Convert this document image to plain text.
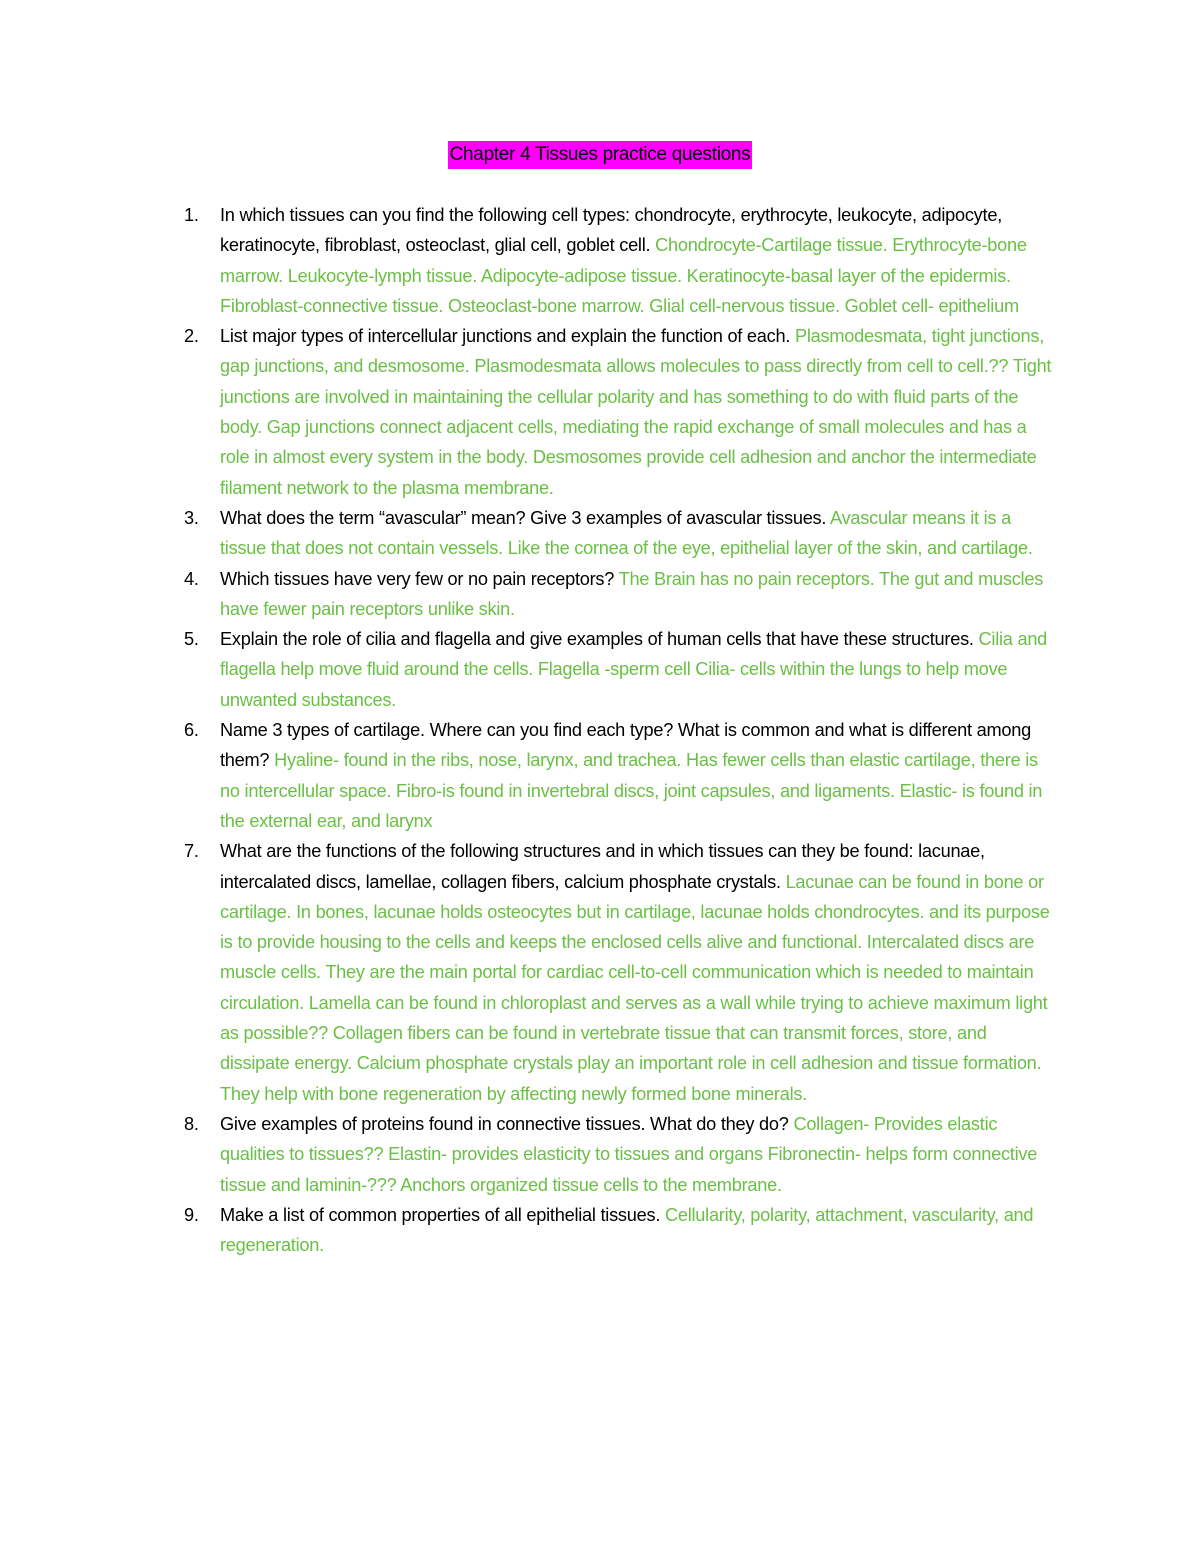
Chapter 4 Tissues practice questions
1. In which tissues can you find the following cell types: chondrocyte, erythrocyte, leukocyte, adipocyte, keratinocyte, fibroblast, osteoclast, glial cell, goblet cell. Chondrocyte-Cartilage tissue. Erythrocyte-bone marrow. Leukocyte-lymph tissue. Adipocyte-adipose tissue. Keratinocyte-basal layer of the epidermis. Fibroblast-connective tissue. Osteoclast-bone marrow. Glial cell-nervous tissue. Goblet cell- epithelium
2. List major types of intercellular junctions and explain the function of each. Plasmodesmata, tight junctions, gap junctions, and desmosome. Plasmodesmata allows molecules to pass directly from cell to cell.?? Tight junctions are involved in maintaining the cellular polarity and has something to do with fluid parts of the body. Gap junctions connect adjacent cells, mediating the rapid exchange of small molecules and has a role in almost every system in the body. Desmosomes provide cell adhesion and anchor the intermediate filament network to the plasma membrane.
3. What does the term “avascular” mean? Give 3 examples of avascular tissues. Avascular means it is a tissue that does not contain vessels. Like the cornea of the eye, epithelial layer of the skin, and cartilage.
4. Which tissues have very few or no pain receptors? The Brain has no pain receptors. The gut and muscles have fewer pain receptors unlike skin.
5. Explain the role of cilia and flagella and give examples of human cells that have these structures. Cilia and flagella help move fluid around the cells. Flagella -sperm cell Cilia- cells within the lungs to help move unwanted substances.
6. Name 3 types of cartilage. Where can you find each type? What is common and what is different among them? Hyaline- found in the ribs, nose, larynx, and trachea. Has fewer cells than elastic cartilage, there is no intercellular space. Fibro-is found in invertebral discs, joint capsules, and ligaments. Elastic- is found in the external ear, and larynx
7. What are the functions of the following structures and in which tissues can they be found: lacunae, intercalated discs, lamellae, collagen fibers, calcium phosphate crystals. Lacunae can be found in bone or cartilage. In bones, lacunae holds osteocytes but in cartilage, lacunae holds chondrocytes. and its purpose is to provide housing to the cells and keeps the enclosed cells alive and functional. Intercalated discs are muscle cells. They are the main portal for cardiac cell-to-cell communication which is needed to maintain circulation. Lamella can be found in chloroplast and serves as a wall while trying to achieve maximum light as possible?? Collagen fibers can be found in vertebrate tissue that can transmit forces, store, and dissipate energy. Calcium phosphate crystals play an important role in cell adhesion and tissue formation. They help with bone regeneration by affecting newly formed bone minerals.
8. Give examples of proteins found in connective tissues. What do they do? Collagen- Provides elastic qualities to tissues?? Elastin- provides elasticity to tissues and organs Fibronectin- helps form connective tissue and laminin-??? Anchors organized tissue cells to the membrane.
9. Make a list of common properties of all epithelial tissues. Cellularity, polarity, attachment, vascularity, and regeneration.
